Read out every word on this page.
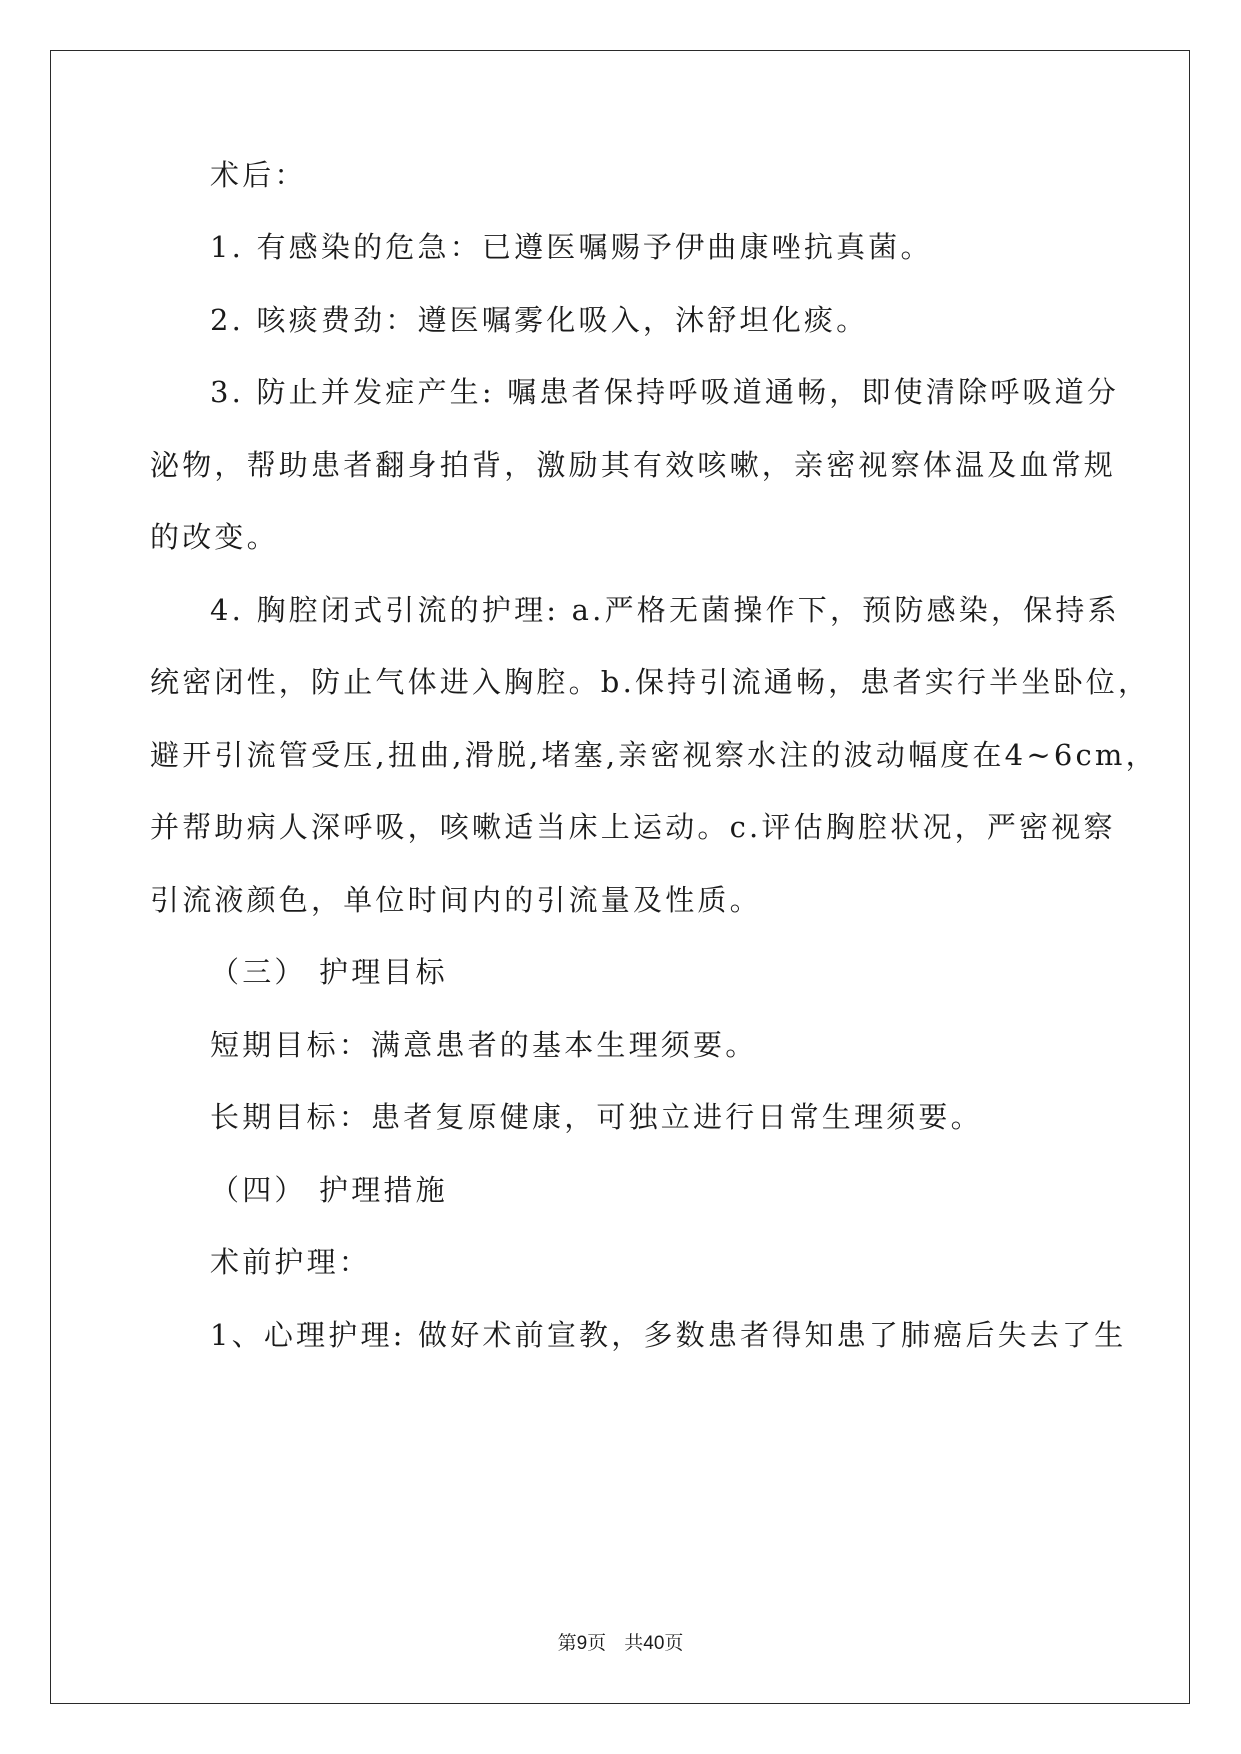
术后：
1. 有感染的危急：已遵医嘱赐予伊曲康唑抗真菌。
2. 咳痰费劲：遵医嘱雾化吸入，沐舒坦化痰。
3. 防止并发症产生: 嘱患者保持呼吸道通畅，即使清除呼吸道分
泌物，帮助患者翻身拍背，激励其有效咳嗽，亲密视察体温及血常规
的改变。
4. 胸腔闭式引流的护理: a.严格无菌操作下，预防感染，保持系
统密闭性，防止气体进入胸腔。b.保持引流通畅，患者实行半坐卧位，
避开引流管受压,扭曲,滑脱,堵塞,亲密视察水注的波动幅度在4~6cm，
并帮助病人深呼吸，咳嗽适当床上运动。c.评估胸腔状况，严密视察
引流液颜色，单位时间内的引流量及性质。
（三） 护理目标
短期目标：满意患者的基本生理须要。
长期目标：患者复原健康，可独立进行日常生理须要。
（四） 护理措施
术前护理：
1、心理护理: 做好术前宣教，多数患者得知患了肺癌后失去了生
第9页   共40页
